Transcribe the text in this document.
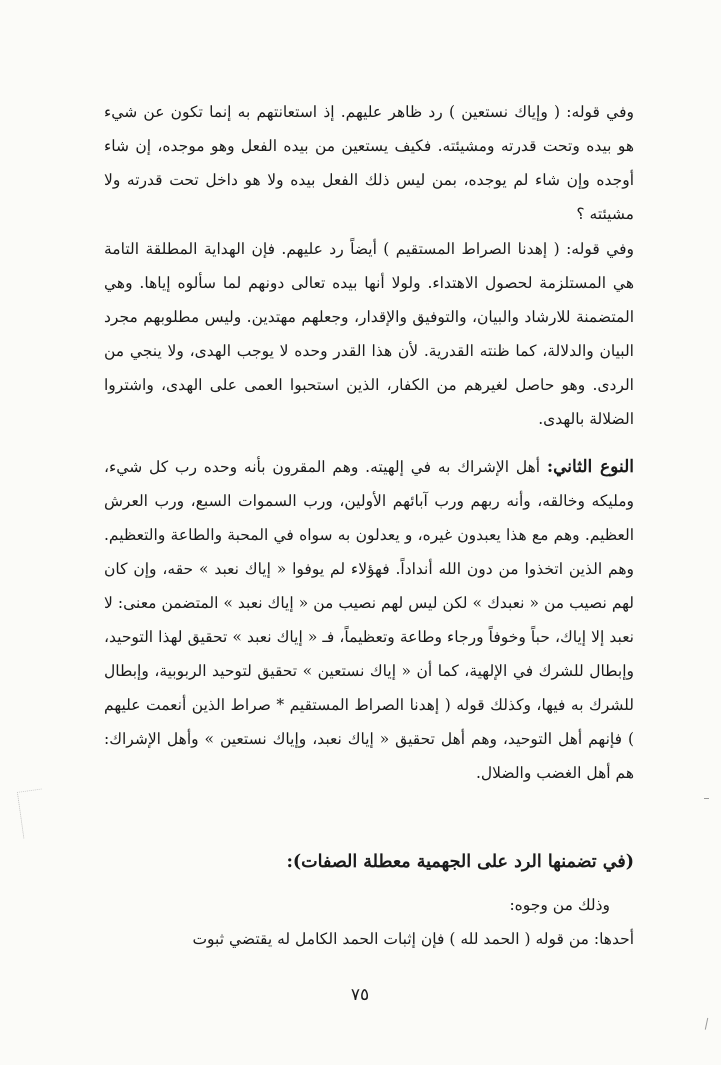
وفي قوله: ( وإياك نستعين ) رد ظاهر عليهم. إذ استعانتهم به إنما تكون عن شيء هو بيده وتحت قدرته ومشيئته. فكيف يستعين من بيده الفعل وهو موجده، إن شاء أوجده وإن شاء لم يوجده، بمن ليس ذلك الفعل بيده ولا هو داخل تحت قدرته ولا مشيئته ؟

وفي قوله: ( إهدنا الصراط المستقيم ) أيضاً رد عليهم. فإن الهداية المطلقة التامة هي المستلزمة لحصول الاهتداء. ولولا أنها بيده تعالى دونهم لما سألوه إياها. وهي المتضمنة للارشاد والبيان، والتوفيق والإقدار، وجعلهم مهتدين. وليس مطلوبهم مجرد البيان والدلالة، كما ظنته القدرية. لأن هذا القدر وحده لا يوجب الهدى، ولا ينجي من الردى. وهو حاصل لغيرهم من الكفار، الذين استحبوا العمى على الهدى، واشتروا الضلالة بالهدى.

النوع الثاني: أهل الإشراك به في إلهيته. وهم المقرون بأنه وحده رب كل شيء، ومليكه وخالقه، وأنه ربهم ورب آبائهم الأولين، ورب السموات السبع، ورب العرش العظيم. وهم مع هذا يعبدون غيره، و يعدلون به سواه في المحبة والطاعة والتعظيم. وهم الذين اتخذوا من دون الله أنداداً. فهؤلاء لم يوفوا « إياك نعبد » حقه، وإن كان لهم نصيب من « نعبدك » لكن ليس لهم نصيب من « إياك نعبد » المتضمن معنى: لا نعبد إلا إياك، حباً وخوفاً ورجاء وطاعة وتعظيماً، فـ « إياك نعبد » تحقيق لهذا التوحيد، وإبطال للشرك في الإلهية، كما أن « إياك نستعين » تحقيق لتوحيد الربوبية، وإبطال للشرك به فيها، وكذلك قوله ( إهدنا الصراط المستقيم * صراط الذين أنعمت عليهم ) فإنهم أهل التوحيد، وهم أهل تحقيق « إياك نعبد، وإياك نستعين » وأهل الإشراك: هم أهل الغضب والضلال.

(في تضمنها الرد على الجهمية معطلة الصفات):

وذلك من وجوه:
أحدها: من قوله ( الحمد لله ) فإن إثبات الحمد الكامل له يقتضي ثبوت

٧٥
